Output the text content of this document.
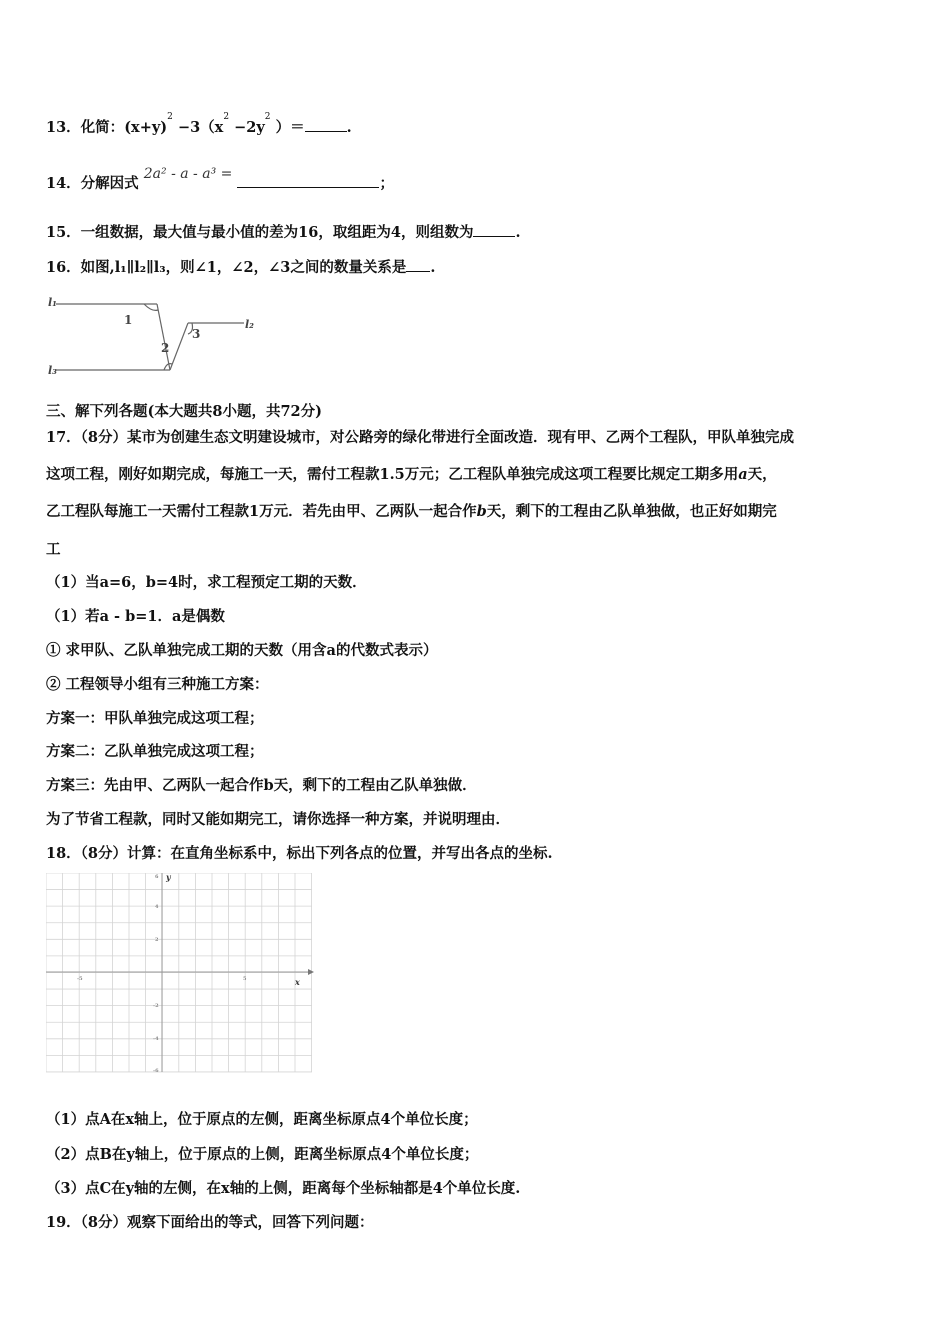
13．化简：$(x+y)^2 -3(x^2 -2y^2$ ）＝	.
14．分解因式 2a² - a - a³ = ；
15．一组数据，最大值与最小值的差为16，取组距为4，则组数为	.
16．如图,l₁∥l₂∥l₃，则∠1，∠2，∠3之间的数量关系是 .
l₁
l₂
l₃
1
2
3
三、解下列各题(本大题共8小题，共72分)
17．（8分）某市为创建生态文明建设城市，对公路旁的绿化带进行全面改造．现有甲、乙两个工程队，甲队单独完成
这项工程，刚好如期完成，每施工一天，需付工程款1.5万元；乙工程队单独完成这项工程要比规定工期多用a天，
乙工程队每施工一天需付工程款1万元．若先由甲、乙两队一起合作b天，剩下的工程由乙队单独做，也正好如期完
工
（1）当a=6，b=4时，求工程预定工期的天数．
（1）若a - b=1．a是偶数
① 求甲队、乙队单独完成工期的天数（用含a的代数式表示）
② 工程领导小组有三种施工方案：
方案一：甲队单独完成这项工程；
方案二：乙队单独完成这项工程；
方案三：先由甲、乙两队一起合作b天，剩下的工程由乙队单独做．
为了节省工程款，同时又能如期完工，请你选择一种方案，并说明理由．
18．（8分）计算：在直角坐标系中，标出下列各点的位置，并写出各点的坐标.
y
x
6
4
2
-2
-4
-6
-5	5
（1）点A在x轴上，位于原点的左侧，距离坐标原点4个单位长度；
（2）点B在y轴上，位于原点的上侧，距离坐标原点4个单位长度；
（3）点C在y轴的左侧，在x轴的上侧，距离每个坐标轴都是4个单位长度.
19．（8分）观察下面给出的等式，回答下列问题：
